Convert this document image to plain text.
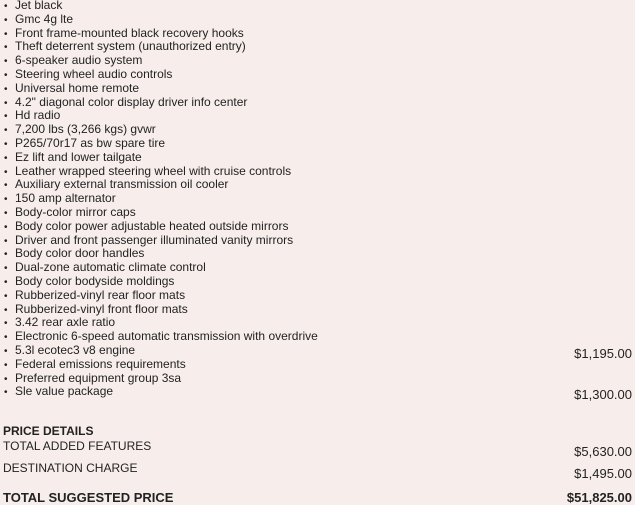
• Jet black
• Gmc 4g lte
• Front frame-mounted black recovery hooks
• Theft deterrent system (unauthorized entry)
• 6-speaker audio system
• Steering wheel audio controls
• Universal home remote
• 4.2" diagonal color display driver info center
• Hd radio
• 7,200 lbs (3,266 kgs) gvwr
• P265/70r17 as bw spare tire
• Ez lift and lower tailgate
• Leather wrapped steering wheel with cruise controls
• Auxiliary external transmission oil cooler
• 150 amp alternator
• Body-color mirror caps
• Body color power adjustable heated outside mirrors
• Driver and front passenger illuminated vanity mirrors
• Body color door handles
• Dual-zone automatic climate control
• Body color bodyside moldings
• Rubberized-vinyl rear floor mats
• Rubberized-vinyl front floor mats
• 3.42 rear axle ratio
• Electronic 6-speed automatic transmission with overdrive
• 5.3l ecotec3 v8 engine	$1,195.00
• Federal emissions requirements
• Preferred equipment group 3sa
• Sle value package	$1,300.00
PRICE DETAILS
TOTAL ADDED FEATURES	$5,630.00
DESTINATION CHARGE	$1,495.00
TOTAL SUGGESTED PRICE	$51,825.00
